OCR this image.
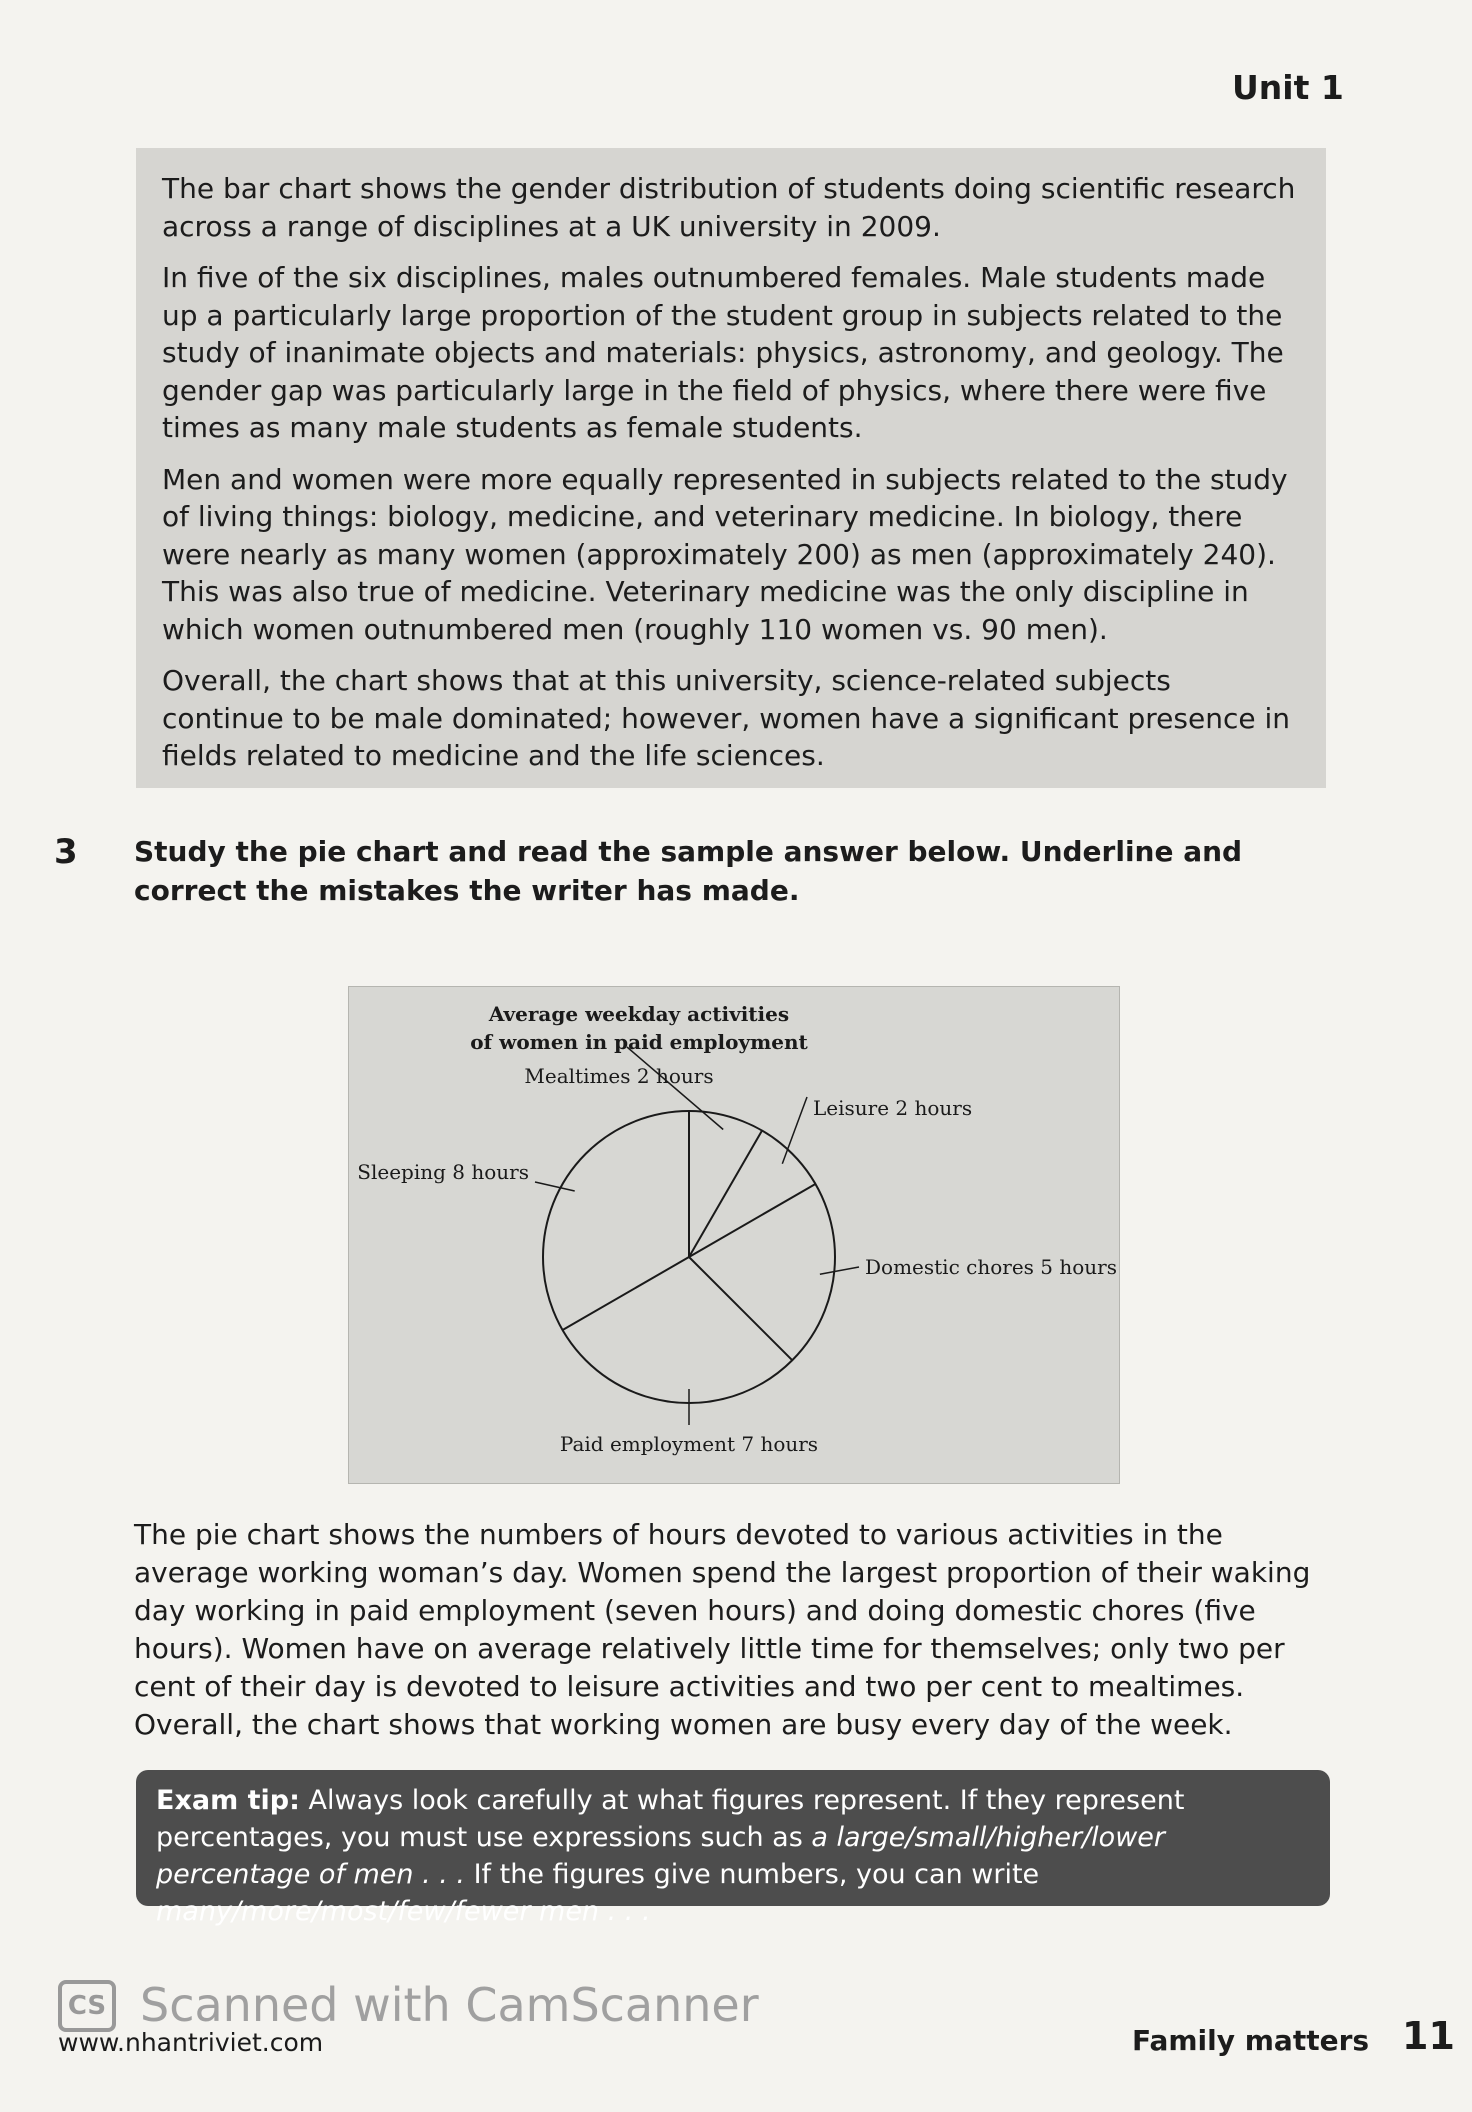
Unit 1

The bar chart shows the gender distribution of students doing scientific research across a range of disciplines at a UK university in 2009.

In five of the six disciplines, males outnumbered females. Male students made up a particularly large proportion of the student group in subjects related to the study of inanimate objects and materials: physics, astronomy, and geology. The gender gap was particularly large in the field of physics, where there were five times as many male students as female students.

Men and women were more equally represented in subjects related to the study of living things: biology, medicine, and veterinary medicine. In biology, there were nearly as many women (approximately 200) as men (approximately 240). This was also true of medicine. Veterinary medicine was the only discipline in which women outnumbered men (roughly 110 women vs. 90 men).

Overall, the chart shows that at this university, science-related subjects continue to be male dominated; however, women have a significant presence in fields related to medicine and the life sciences.

3 Study the pie chart and read the sample answer below. Underline and correct the mistakes the writer has made.
Average weekday activities
of women in paid employment
Mealtimes 2 hours
Leisure 2 hours
Domestic chores 5 hours
Paid employment 7 hours
Sleeping 8 hours

The pie chart shows the numbers of hours devoted to various activities in the average working woman’s day. Women spend the largest proportion of their waking day working in paid employment (seven hours) and doing domestic chores (five hours). Women have on average relatively little time for themselves; only two per cent of their day is devoted to leisure activities and two per cent to mealtimes. Overall, the chart shows that working women are busy every day of the week.

Exam tip: Always look carefully at what figures represent. If they represent percentages, you must use expressions such as a large/small/higher/lower percentage of men . . . If the figures give numbers, you can write many/more/most/few/fewer men . . .
CS Scanned with CamScanner
www.nhantriviet.com	Family matters 11
